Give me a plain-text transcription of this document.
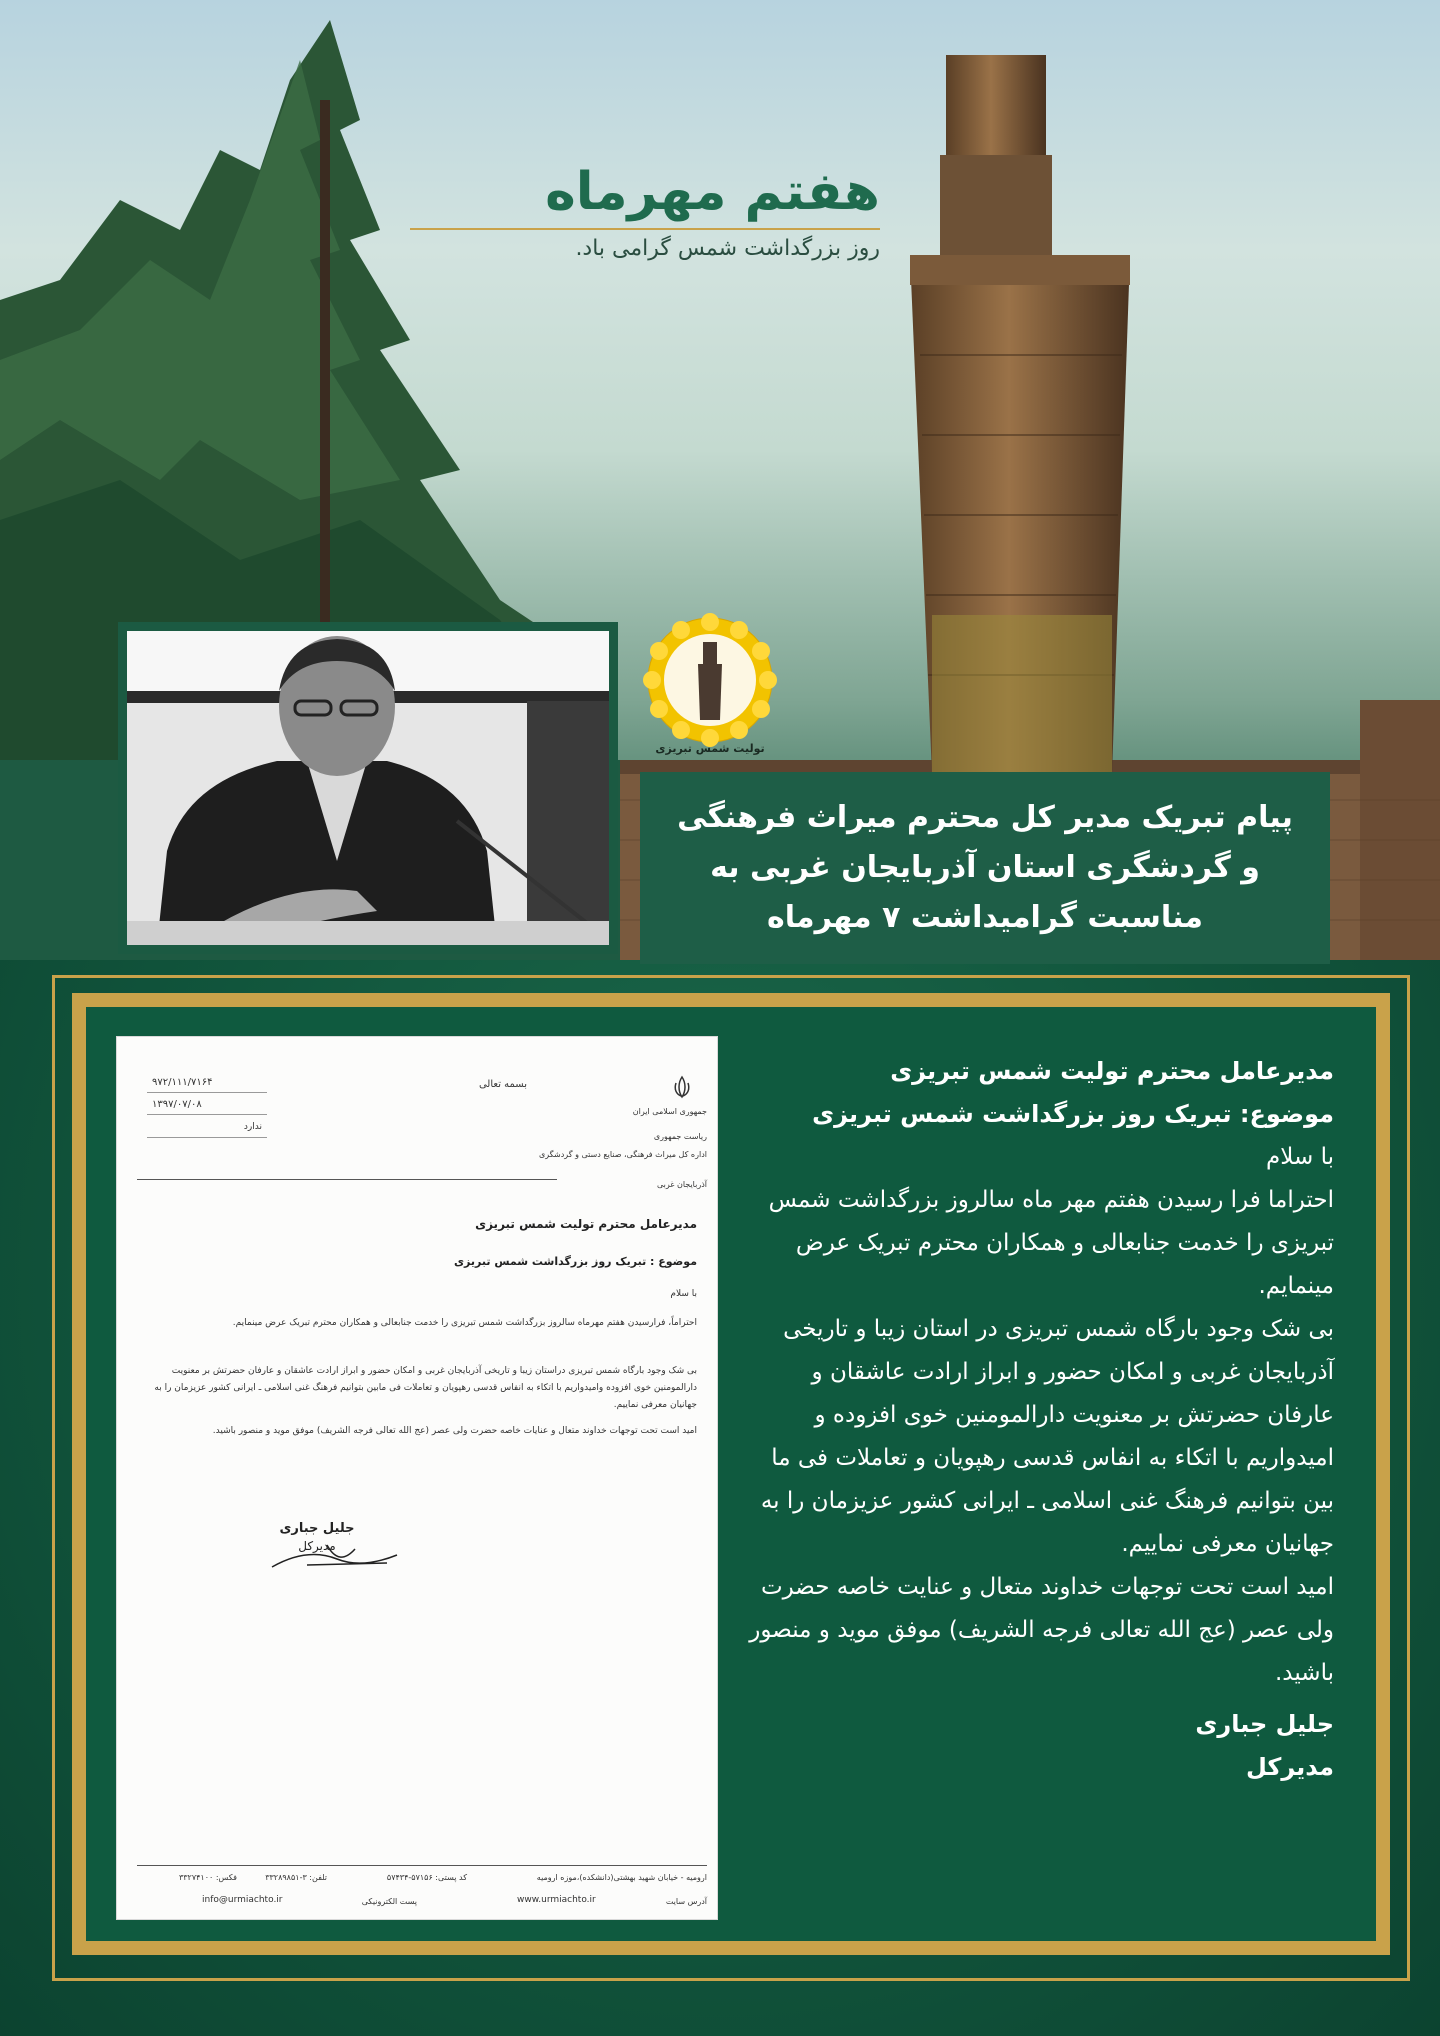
هفتم مهرماه
روز بزرگداشت شمس گرامی باد.
تولیت شمس تبریزی

پیام تبریک مدیر کل محترم میراث فرهنگی و گردشگری استان آذربایجان غربی به مناسبت گرامیداشت ۷ مهرماه

بسمه تعالی
جمهوری اسلامی ایران
ریاست جمهوری
اداره کل میراث فرهنگی، صنایع دستی و گردشگری
آذربایجان غربی
۹۷۲/۱۱۱/۷۱۶۴
۱۳۹۷/۰۷/۰۸
ندارد
مدیرعامل محترم تولیت شمس تبریزی
موضوع : تبریک روز بزرگداشت شمس تبریزی
با سلام
احتراماً، فرارسیدن هفتم مهرماه سالروز بزرگداشت شمس تبریزی را خدمت جنابعالی و همکاران محترم تبریک عرض مینمایم.
بی شک وجود بارگاه شمس تبریزی دراستان زیبا و تاریخی آذربایجان غربی و امکان حضور و ابراز ارادت عاشقان و عارفان حضرتش بر معنویت دارالمومنین خوی افزوده وامیدواریم با اتکاء به انفاس قدسی رهپویان و تعاملات فی مابین بتوانیم فرهنگ غنی اسلامی ـ ایرانی کشور عزیزمان را به جهانیان معرفی نماییم.
امید است تحت توجهات خداوند متعال و عنایات خاصه حضرت ولی عصر (عج الله تعالی فرجه الشریف) موفق موید و منصور باشید.
جلیل جباری
مدیرکل
ارومیه - خیابان شهید بهشتی(دانشکده)،موزه ارومیه
کد پستی: ۵۷۱۵۶-۵۷۴۳۴
تلفن: ۳-۳۳۲۸۹۸۵۱
فکس: ۳۳۲۷۴۱۰۰
آدرس سایت
www.urmiachto.ir
پست الکترونیکی
info@urmiachto.ir

مدیرعامل محترم تولیت شمس تبریزی

موضوع: تبریک روز بزرگداشت شمس تبریزی

با سلام

احتراما فرا رسیدن هفتم مهر ماه سالروز بزرگداشت شمس تبریزی را خدمت جنابعالی و همکاران محترم تبریک عرض مینمایم.

بی شک وجود بارگاه شمس تبریزی در استان زیبا و تاریخی آذربایجان غربی و امکان حضور و ابراز ارادت عاشقان و عارفان حضرتش بر معنویت دارالمومنین خوی افزوده و امیدواریم با اتکاء به انفاس قدسی رهپویان و تعاملات فی ما بین بتوانیم فرهنگ غنی اسلامی ـ ایرانی کشور عزیزمان را به جهانیان معرفی نماییم.

امید است تحت توجهات خداوند متعال و عنایت خاصه حضرت ولی عصر (عج الله تعالی فرجه الشریف) موفق موید و منصور باشید.

جلیل جباری

مدیرکل
